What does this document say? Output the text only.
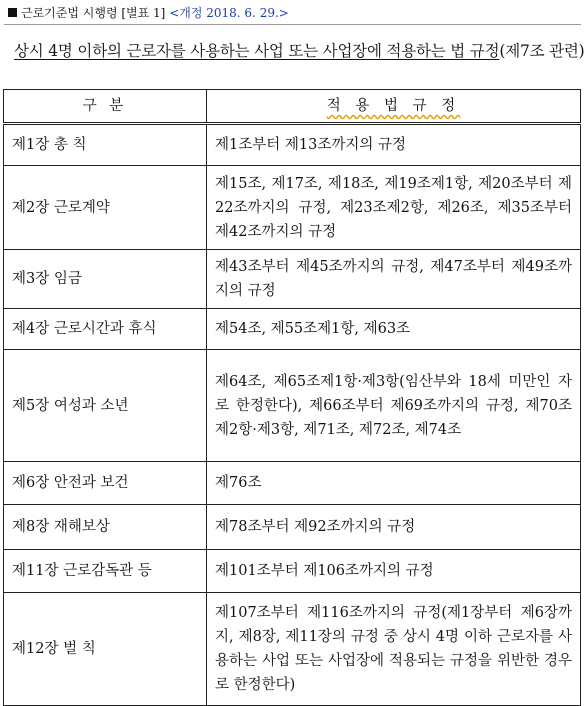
근로기준법 시행령 [별표 1] <개정 2018. 6. 29.>
상시 4명 이하의 근로자를 사용하는 사업 또는 사업장에 적용하는 법 규정(제7조 관련)
구 분	적 용 법 규 정
제1장 총 칙	제1조부터 제13조까지의 규정
제2장 근로계약	제15조, 제17조, 제18조, 제19조제1항, 제20조부터 제22조까지의 규정, 제23조제2항, 제26조, 제35조부터 제42조까지의 규정
제3장 임금	제43조부터 제45조까지의 규정, 제47조부터 제49조까지의 규정
제4장 근로시간과 휴식	제54조, 제55조제1항, 제63조
제5장 여성과 소년	제64조, 제65조제1항·제3항(임산부와 18세 미만인 자로 한정한다), 제66조부터 제69조까지의 규정, 제70조제2항·제3항, 제71조, 제72조, 제74조
제6장 안전과 보건	제76조
제8장 재해보상	제78조부터 제92조까지의 규정
제11장 근로감독관 등	제101조부터 제106조까지의 규정
제12장 벌 칙	제107조부터 제116조까지의 규정(제1장부터 제6장까지, 제8장, 제11장의 규정 중 상시 4명 이하 근로자를 사용하는 사업 또는 사업장에 적용되는 규정을 위반한 경우로 한정한다)
